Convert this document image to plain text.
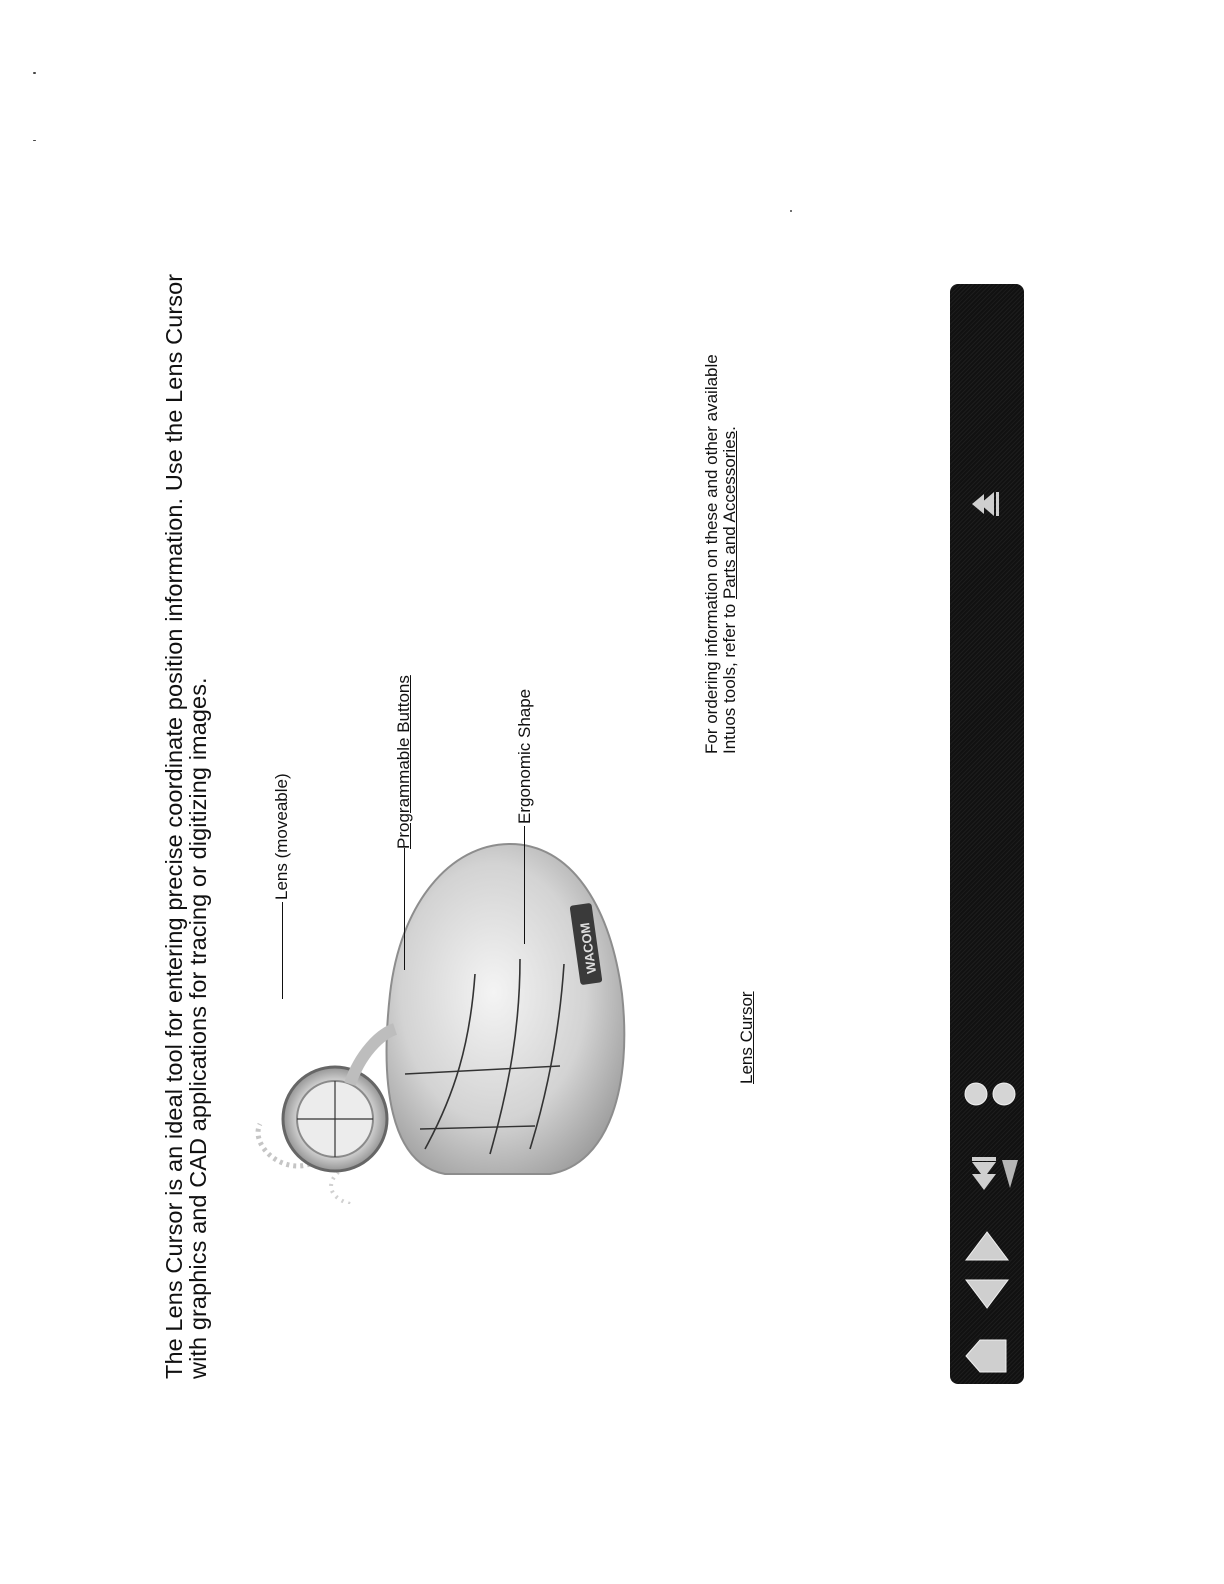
The Lens Cursor is an ideal tool for entering precise coordinate position information. Use the Lens Cursor
with graphics and CAD applications for tracing or digitizing images.	WACOM
Lens (moveable)	Programmable Buttons	Ergonomic Shape
Lens Cursor

For ordering information on these and other available
Intuos tools, refer to Parts and Accessories.
